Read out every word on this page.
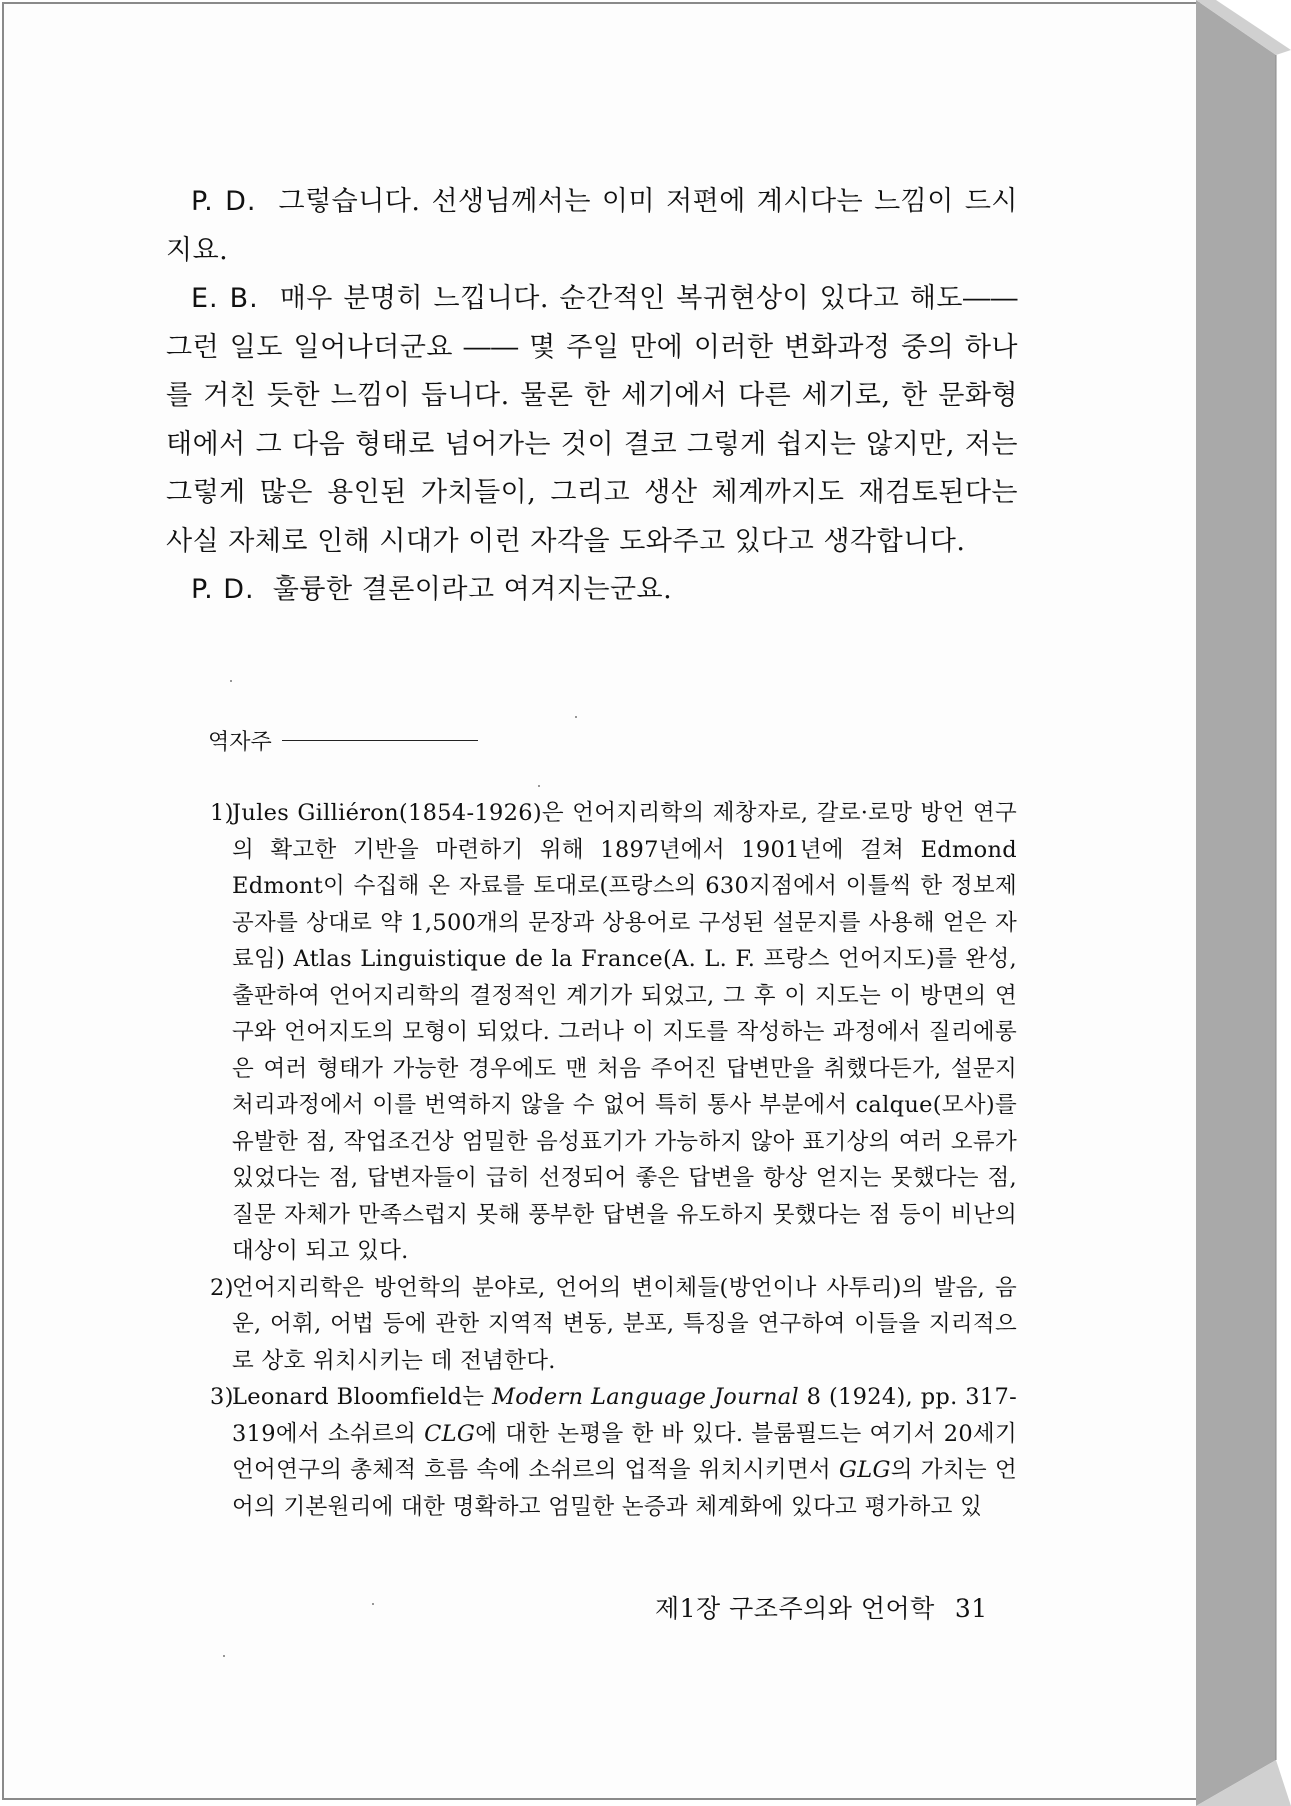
P. D. 그렇습니다. 선생님께서는 이미 저편에 계시다는 느낌이 드시지요.

E. B. 매우 분명히 느낍니다. 순간적인 복귀현상이 있다고 해도―― 그런 일도 일어나더군요 ―― 몇 주일 만에 이러한 변화과정 중의 하나를 거친 듯한 느낌이 듭니다. 물론 한 세기에서 다른 세기로, 한 문화형태에서 그 다음 형태로 넘어가는 것이 결코 그렇게 쉽지는 않지만, 저는 그렇게 많은 용인된 가치들이, 그리고 생산 체계까지도 재검토된다는 사실 자체로 인해 시대가 이런 자각을 도와주고 있다고 생각합니다.

P. D. 훌륭한 결론이라고 여겨지는군요.

역자주
1)

Jules Gilliéron(1854-1926)은 언어지리학의 제창자로, 갈로·로망 방언 연구의 확고한 기반을 마련하기 위해 1897년에서 1901년에 걸쳐 Edmond Edmont이 수집해 온 자료를 토대로(프랑스의 630지점에서 이틀씩 한 정보제공자를 상대로 약 1,500개의 문장과 상용어로 구성된 설문지를 사용해 얻은 자료임) Atlas Linguistique de la France(A. L. F. 프랑스 언어지도)를 완성, 출판하여 언어지리학의 결정적인 계기가 되었고, 그 후 이 지도는 이 방면의 연구와 언어지도의 모형이 되었다. 그러나 이 지도를 작성하는 과정에서 질리에롱은 여러 형태가 가능한 경우에도 맨 처음 주어진 답변만을 취했다든가, 설문지 처리과정에서 이를 번역하지 않을 수 없어 특히 통사 부분에서 calque(모사)를 유발한 점, 작업조건상 엄밀한 음성표기가 가능하지 않아 표기상의 여러 오류가 있었다는 점, 답변자들이 급히 선정되어 좋은 답변을 항상 얻지는 못했다는 점, 질문 자체가 만족스럽지 못해 풍부한 답변을 유도하지 못했다는 점 등이 비난의 대상이 되고 있다.

2)

언어지리학은 방언학의 분야로, 언어의 변이체들(방언이나 사투리)의 발음, 음운, 어휘, 어법 등에 관한 지역적 변동, 분포, 특징을 연구하여 이들을 지리적으로 상호 위치시키는 데 전념한다.

3)

Leonard Bloomfield는 Modern Language Journal 8 (1924), pp. 317-319에서 소쉬르의 CLG에 대한 논평을 한 바 있다. 블룸필드는 여기서 20세기 언어연구의 총체적 흐름 속에 소쉬르의 업적을 위치시키면서 GLG의 가치는 언어의 기본원리에 대한 명확하고 엄밀한 논증과 체계화에 있다고 평가하고 있

제1장 구조주의와 언어학 31
